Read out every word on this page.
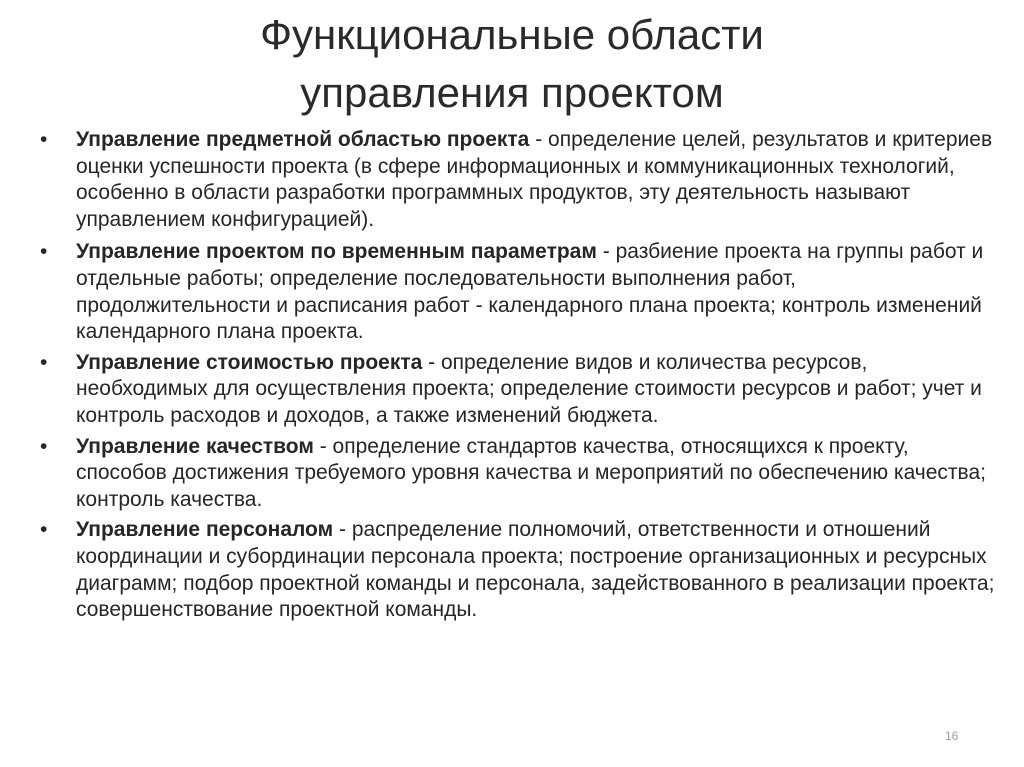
Функциональные области
управления проектом
•	Управление предметной областью проекта - определение целей, результатов и критериев оценки успешности проекта (в сфере информационных и коммуникационных технологий, особенно в области разработки программных продуктов, эту деятельность называют управлением конфигурацией).
•	Управление проектом по временным параметрам - разбиение проекта на группы работ и отдельные работы; определение последовательности выполнения работ, продолжительности и расписания работ - календарного плана проекта; контроль изменений календарного плана проекта.
•	Управление стоимостью проекта - определение видов и количества ресурсов, необходимых для осуществления проекта; определение стоимости ресурсов и работ; учет и контроль расходов и доходов, а также изменений бюджета.
•	Управление качеством - определение стандартов качества, относящихся к проекту, способов достижения требуемого уровня качества и мероприятий по обеспечению качества; контроль качества.
•	Управление персоналом - распределение полномочий, ответственности и отношений координации и субординации персонала проекта; построение организационных и ресурсных диаграмм; подбор проектной команды и персонала, задействованного в реализации проекта; совершенствование проектной команды.
16
